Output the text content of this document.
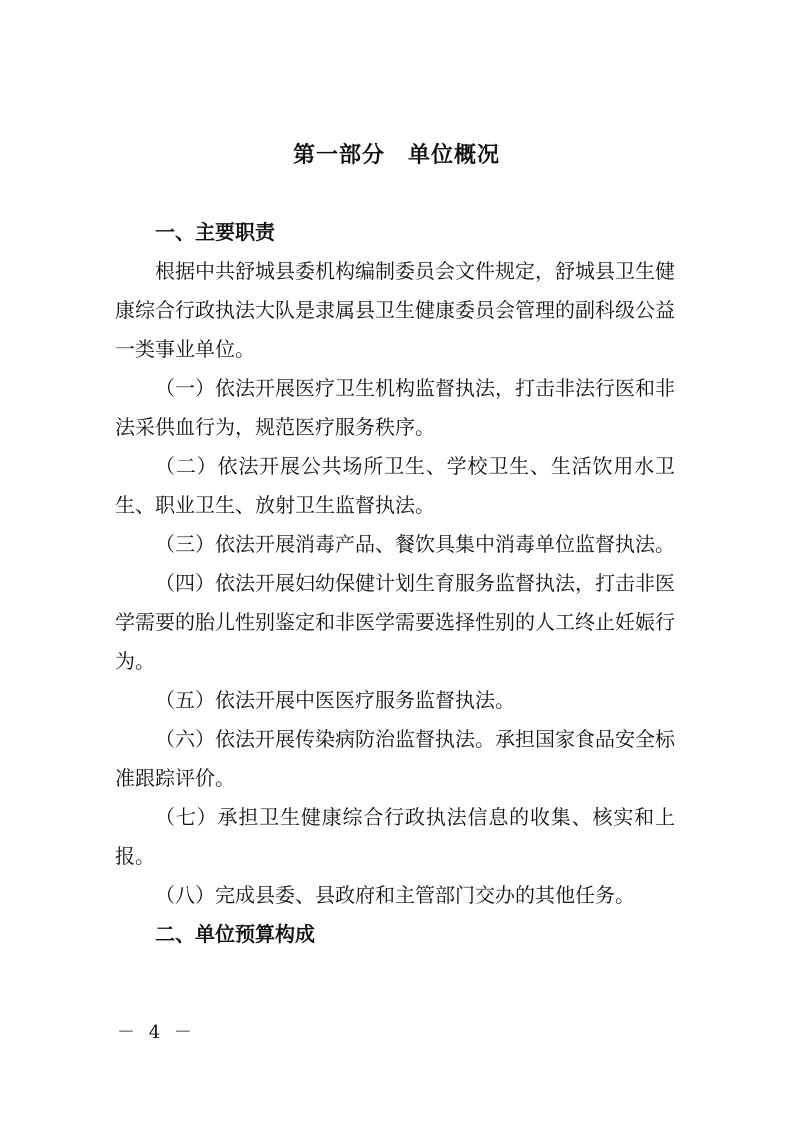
第一部分　单位概况

一、主要职责

根据中共舒城县委机构编制委员会文件规定，舒城县卫生健康综合行政执法大队是隶属县卫生健康委员会管理的副科级公益一类事业单位。

（一）依法开展医疗卫生机构监督执法，打击非法行医和非法采供血行为，规范医疗服务秩序。

（二）依法开展公共场所卫生、学校卫生、生活饮用水卫生、职业卫生、放射卫生监督执法。

（三）依法开展消毒产品、餐饮具集中消毒单位监督执法。

（四）依法开展妇幼保健计划生育服务监督执法，打击非医学需要的胎儿性别鉴定和非医学需要选择性别的人工终止妊娠行为。

（五）依法开展中医医疗服务监督执法。

（六）依法开展传染病防治监督执法。承担国家食品安全标准跟踪评价。

（七）承担卫生健康综合行政执法信息的收集、核实和上报。

（八）完成县委、县政府和主管部门交办的其他任务。

二、单位预算构成

－ 4 －
